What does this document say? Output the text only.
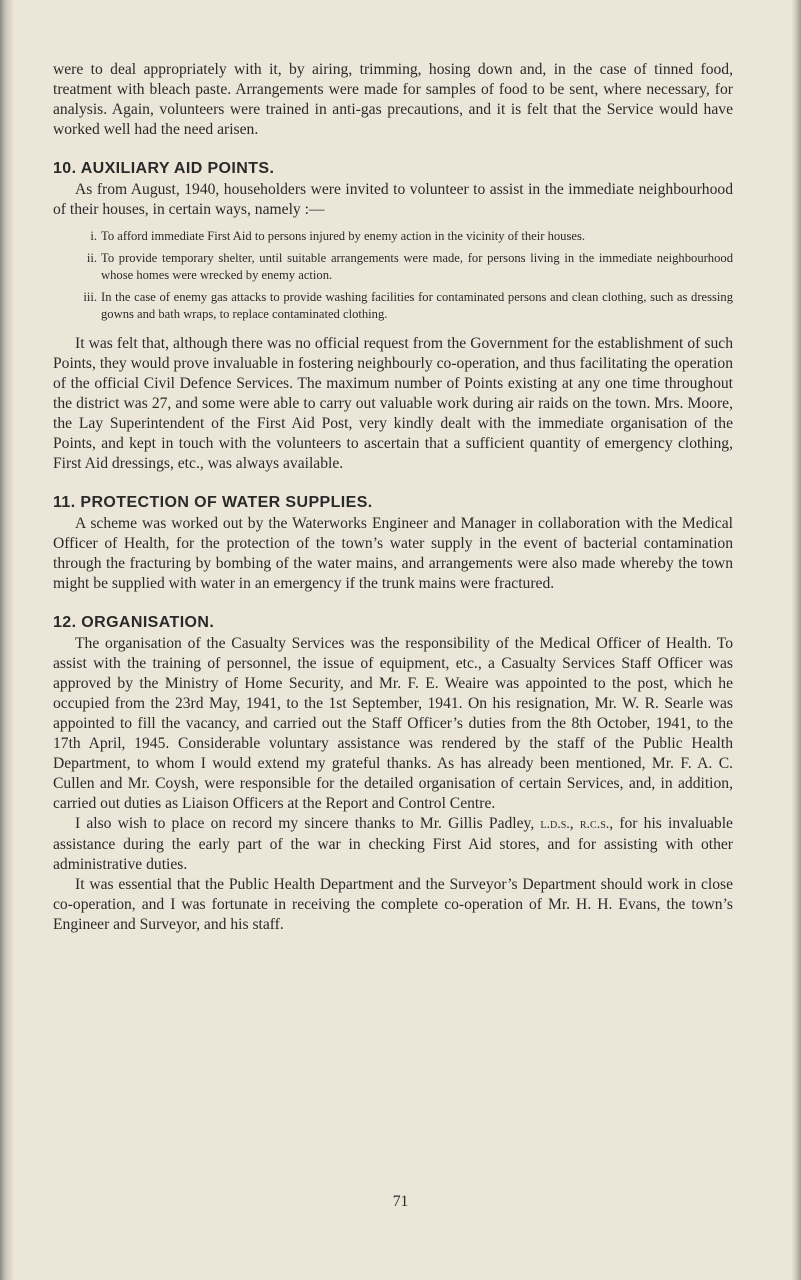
were to deal appropriately with it, by airing, trimming, hosing down and, in the case of tinned food, treatment with bleach paste. Arrangements were made for samples of food to be sent, where necessary, for analysis. Again, volunteers were trained in anti-gas precautions, and it is felt that the Service would have worked well had the need arisen.

10. AUXILIARY AID POINTS.

As from August, 1940, householders were invited to volunteer to assist in the immediate neighbourhood of their houses, in certain ways, namely :—

i. To afford immediate First Aid to persons injured by enemy action in the vicinity of their houses.
ii. To provide temporary shelter, until suitable arrangements were made, for persons living in the immediate neighbourhood whose homes were wrecked by enemy action.
iii. In the case of enemy gas attacks to provide washing facilities for contaminated persons and clean clothing, such as dressing gowns and bath wraps, to replace contaminated clothing.

It was felt that, although there was no official request from the Government for the establishment of such Points, they would prove invaluable in fostering neighbourly co-operation, and thus facilitating the operation of the official Civil Defence Services. The maximum number of Points existing at any one time throughout the district was 27, and some were able to carry out valuable work during air raids on the town. Mrs. Moore, the Lay Superintendent of the First Aid Post, very kindly dealt with the immediate organisation of the Points, and kept in touch with the volunteers to ascertain that a sufficient quantity of emergency clothing, First Aid dressings, etc., was always available.

11. PROTECTION OF WATER SUPPLIES.

A scheme was worked out by the Waterworks Engineer and Manager in collaboration with the Medical Officer of Health, for the protection of the town’s water supply in the event of bacterial contamination through the fracturing by bombing of the water mains, and arrangements were also made whereby the town might be supplied with water in an emergency if the trunk mains were fractured.

12. ORGANISATION.

The organisation of the Casualty Services was the responsibility of the Medical Officer of Health. To assist with the training of personnel, the issue of equipment, etc., a Casualty Services Staff Officer was approved by the Ministry of Home Security, and Mr. F. E. Weaire was appointed to the post, which he occupied from the 23rd May, 1941, to the 1st September, 1941. On his resignation, Mr. W. R. Searle was appointed to fill the vacancy, and carried out the Staff Officer’s duties from the 8th October, 1941, to the 17th April, 1945. Considerable voluntary assistance was rendered by the staff of the Public Health Department, to whom I would extend my grateful thanks. As has already been mentioned, Mr. F. A. C. Cullen and Mr. Coysh, were responsible for the detailed organisation of certain Services, and, in addition, carried out duties as Liaison Officers at the Report and Control Centre.

I also wish to place on record my sincere thanks to Mr. Gillis Padley, l.d.s., r.c.s., for his invaluable assistance during the early part of the war in checking First Aid stores, and for assisting with other administrative duties.

It was essential that the Public Health Department and the Surveyor’s Department should work in close co-operation, and I was fortunate in receiving the complete co-operation of Mr. H. H. Evans, the town’s Engineer and Surveyor, and his staff.

71
